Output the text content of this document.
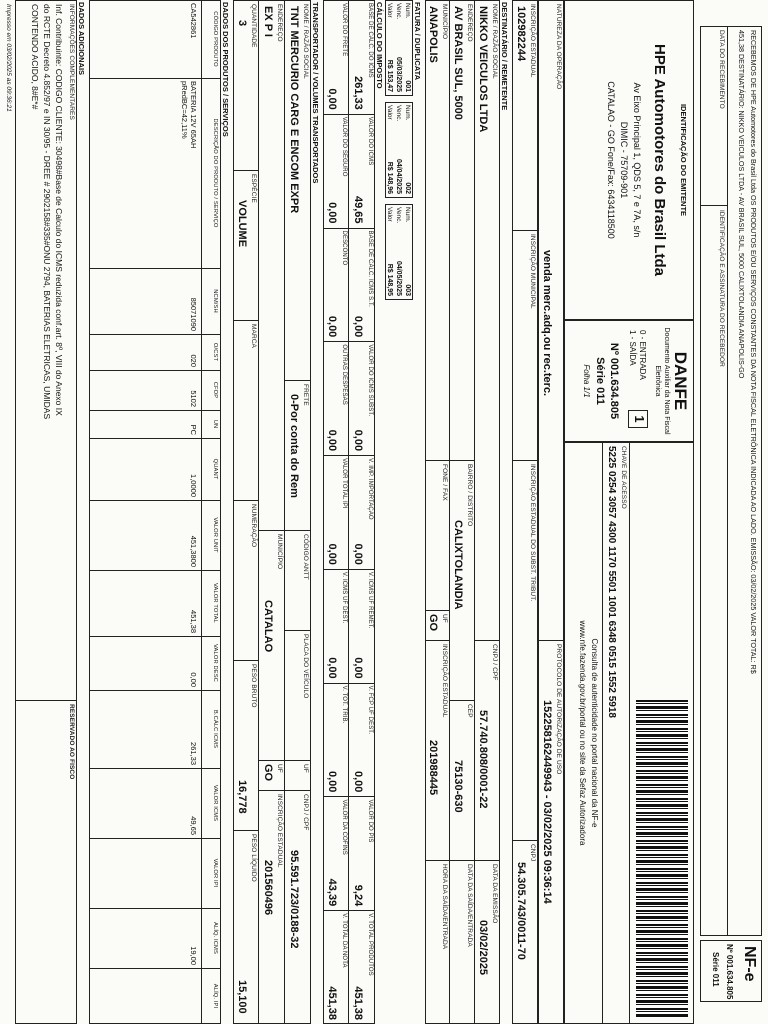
RECEBEMOS DE HPE Automotores do Brasil Ltda OS PRODUTOS E/OU SERVIÇOS CONSTANTES DA NOTA FISCAL ELETRÔNICA INDICADA AO LADO. EMISSÃO: 03/02/2025 VALOR TOTAL: R$
451,38 DESTINATÁRIO: NIKKO VEICULOS LTDA - AV BRASIL SUL, 5000 CALIXTOLANDIA ANAPOLIS-GO
DATA DO RECEBIMENTO
IDENTIFICAÇÃO E ASSINATURA DO RECEBEDOR
NF-e
Nº 001.634.805
Série 011
IDENTIFICAÇÃO DO EMITENTE
HPE Automotores do Brasil Ltda
Av Eixo Principal 1, QDS 5, 7 e 7A, s/n
DIMIC - 75709-901
CATALAO - GO Fone/Fax: 6434118500
DANFE
Documento Auxiliar da Nota Fiscal
Eletrônica
0 - ENTRADA
1 - SAÍDA
1
Nº 001.634.805
Série 011
Folha 1/1
CHAVE DE ACESSO
5225 0254 3057 4300 1170 5501 1001 6348 0515 1552 5918
Consulta de autenticidade no portal nacional da NF-e
www.nfe.fazenda.gov.br/portal ou no site da Sefaz Autorizadora
NATUREZA DA OPERAÇÃO
venda merc.adq.ou rec.terc.
PROTOCOLO DE AUTORIZAÇÃO DE USO
152258162449943 - 03/02/2025 09:36:14
INSCRIÇÃO ESTADUAL
102982244
INSCRIÇÃO MUNICIPAL
INSCRIÇÃO ESTADUAL DO SUBST. TRIBUT.
CNPJ
54.305.743/0011-70
DESTINATÁRIO / REMETENTE
NOME / RAZÃO SOCIAL
NIKKO VEICULOS LTDA
CNPJ / CPF
57.740.808/0001-22
DATA DA EMISSÃO
03/02/2025
ENDEREÇO
AV BRASIL SUL, 5000
BAIRRO / DISTRITO
CALIXTOLANDIA
CEP
75130-630
DATA DA SAÍDA/ENTRADA
MUNICÍPIO
ANAPOLIS
FONE / FAX
UF
GO
INSCRIÇÃO ESTADUAL
201988445
HORA DA SAÍDA/ENTRADA
FATURA / DUPLICATA
Num.
001
Venc.
05/03/2025
Valor
R$ 153,47
Num.
002
Venc.
04/04/2025
Valor
R$ 148,96
Num.
003
Venc.
04/05/2025
Valor
R$ 148,95
CÁLCULO DO IMPOSTO
BASE DE CÁLC. DO ICMS
261,33
VALOR DO ICMS
49,65
BASE DE CÁLC. ICMS S.T.
0,00
VALOR DO ICMS SUBST.
0,00
V. IMP. IMPORTAÇÃO
0,00
V. ICMS UF REMET.
0,00
V. FCP UF DEST.
0,00
VALOR DO PIS
9,24
V. TOTAL PRODUTOS
451,38
VALOR DO FRETE
0,00
VALOR DO SEGURO
0,00
DESCONTO
0,00
OUTRAS DESPESAS
0,00
VALOR TOTAL IPI
0,00
V. ICMS UF DEST.
0,00
V. TOT. TRIB.
0,00
VALOR DA COFINS
43,39
V. TOTAL DA NOTA
451,38
TRANSPORTADOR / VOLUMES TRANSPORTADOS
NOME / RAZÃO SOCIAL
TNT MERCURIO CARG E ENCOM EXPR
FRETE
0-Por conta do Rem
CÓDIGO ANTT
PLACA DO VEÍCULO
UF
CNPJ / CPF
95.591.723/0188-32
ENDEREÇO
EX P I
MUNICÍPIO
CATALAO
UF
GO
INSCRIÇÃO ESTADUAL
201560496
QUANTIDADE
3
ESPÉCIE
VOLUME
MARCA
NUMERAÇÃO
PESO BRUTO
16,778
PESO LÍQUIDO
15,100
DADOS DOS PRODUTOS / SERVIÇOS
CÓDIGO PRODUTO
CA542861
DESCRIÇÃO DO PRODUTO / SERVIÇO
BATERIA 12V 65AH
pRedBC=42,11%
NCM/SH
85071090
O/CST
020
CFOP
5102
UN
PC
QUANT
1,0000
VALOR UNIT
451,3800
VALOR TOTAL
451,38
VALOR DESC
0,00
B.CÁLC ICMS
261,33
VALOR ICMS
49,65
VALOR IPI
ALÍQ. ICMS
19,00
ALÍQ. IPI
DADOS ADICIONAIS
INFORMAÇÕES COMPLEMENTARES
Inf. Contribuinte: CODIGO CLIENTE: 30498#Base de Calculo do ICMS reduzida conf.art. 8º, VIII do Anexo IX
do RCTE Decreto 4.852/97 e IN 30/95 - DREE # 2902158#335#ONU 2794, BATERIAS ELETRICAS, UMIDAS
CONTENDO ACIDO, 8#E*#
RESERVADO AO FISCO
Impresso em 03/02/2025 as 09:36:21
